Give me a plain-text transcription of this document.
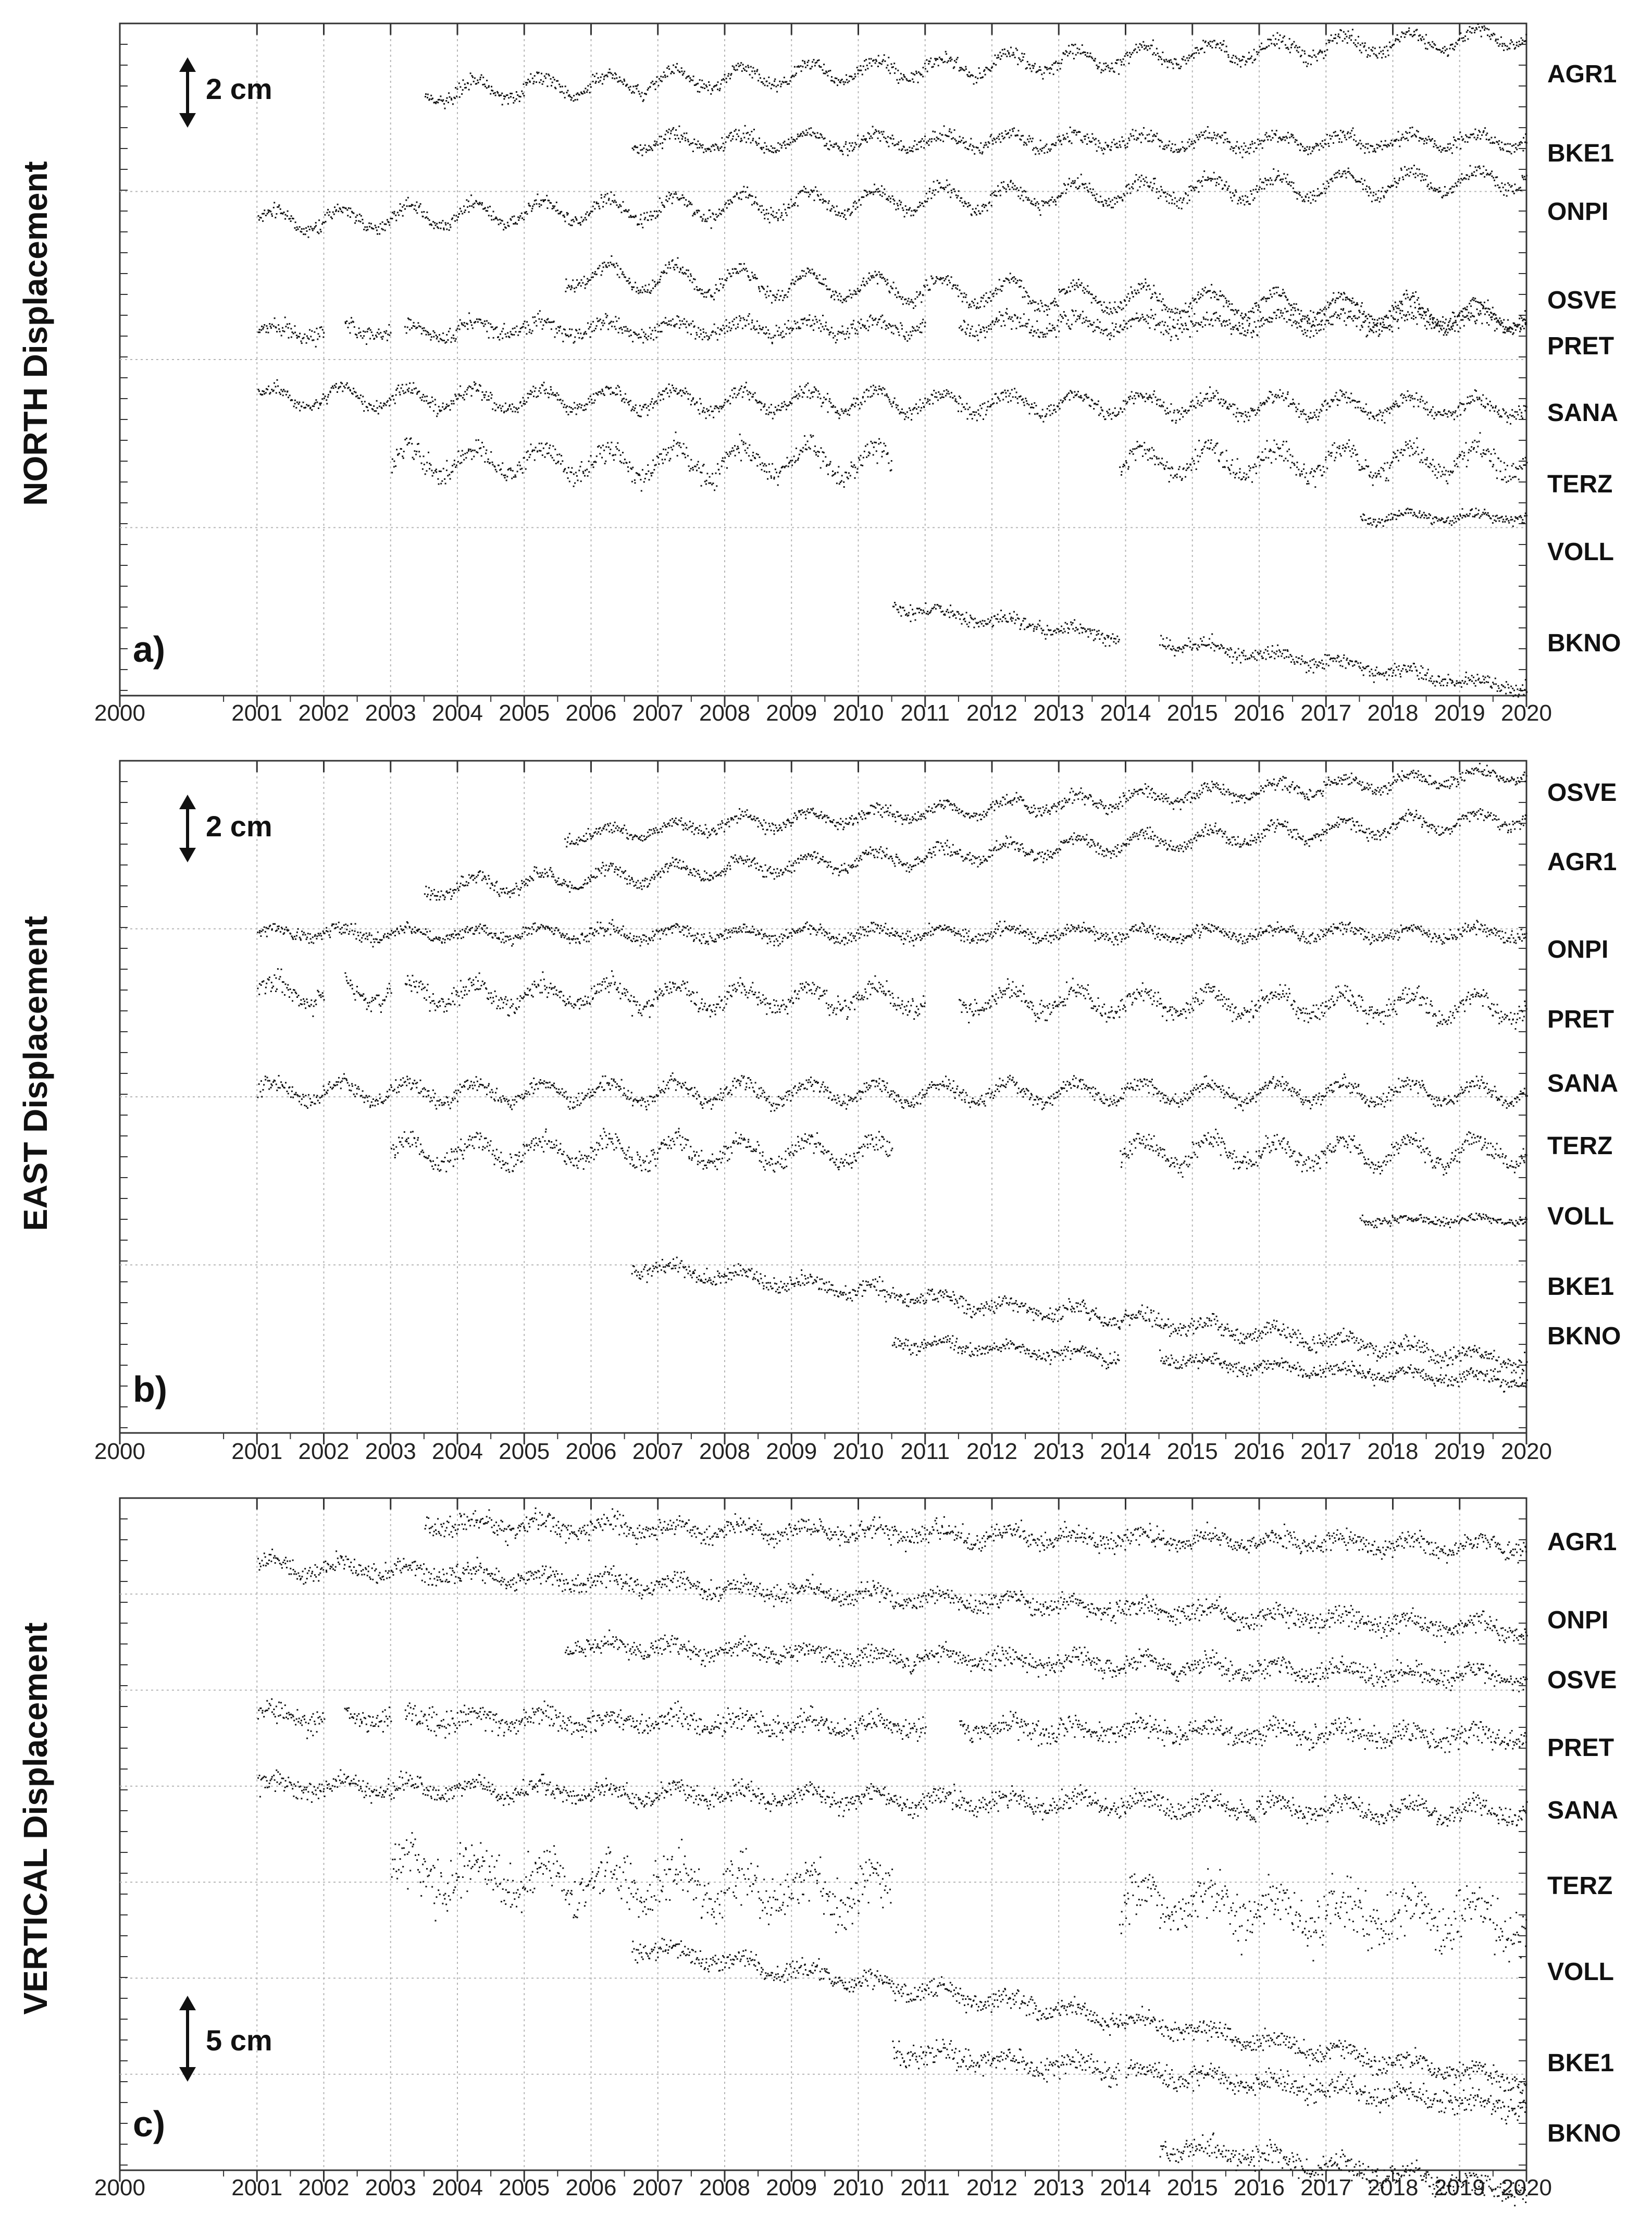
2000	2001 2002 2003 2004 2005 2006 2007 2008 2009 2010 2011 2012 2013 2014 2015 2016 2017 2018 2019 2020
NORTH Displacement
a)
2 cm	AGR1
BKE1
ONPI
OSVE
PRET
SANA
TERZ
VOLL
BKNO
2000	2001 2002 2003 2004 2005 2006 2007 2008 2009 2010 2011 2012 2013 2014 2015 2016 2017 2018 2019 2020
EAST Displacement
b)
2 cm
OSVE
AGR1
ONPI
PRET
SANA
TERZ
VOLL
BKE1
BKNO
2000	2001 2002 2003 2004 2005 2006 2007 2008 2009 2010 2011 2012 2013 2014 2015 2016 2017 2018 2019 2020
VERTICAL Displacement
c)
5 cm
AGR1
ONPI
OSVE
PRET
SANA
TERZ
VOLL
BKE1
BKNO
